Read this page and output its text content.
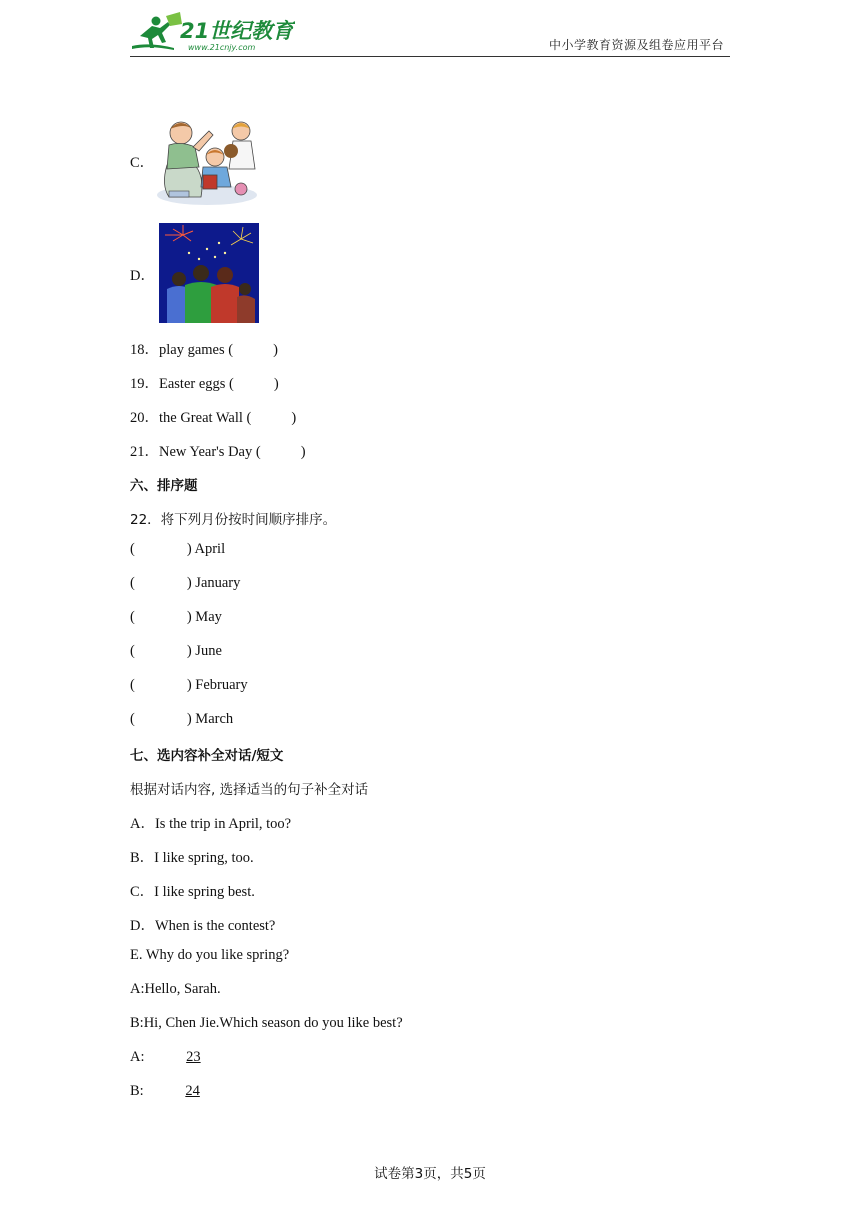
21世纪教育
www.21cnjy.com	中小学教育资源及组卷应用平台
C．
D．
18．play games (	)
19．Easter eggs (	)
20．the Great Wall (	)
21．New Year's Day (	)
六、排序题
22．将下列月份按时间顺序排序。
(	) April
(	) January
(	) May
(	) June
(	) February
(	) March
七、选内容补全对话/短文
根据对话内容, 选择适当的句子补全对话
A．Is the trip in April, too?
B．I like spring, too.
C．I like spring best.
D．When is the contest?
E. Why do you like spring?
A:Hello, Sarah.
B:Hi, Chen Jie.Which season do you like best?
A:	23
B:	24
试卷第3页，共5页
